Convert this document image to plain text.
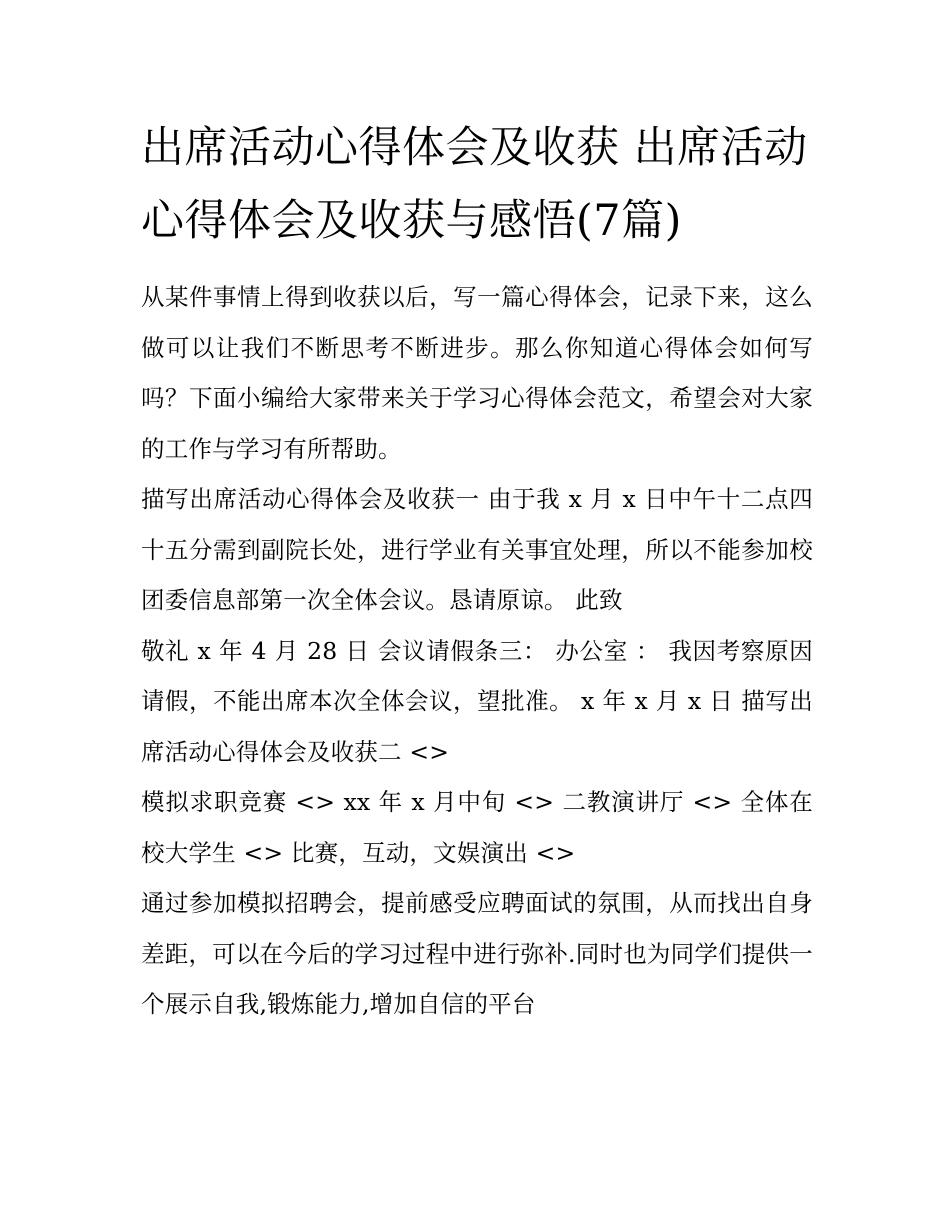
出席活动心得体会及收获 出席活动心得体会及收获与感悟(7篇)

从某件事情上得到收获以后，写一篇心得体会，记录下来，这么做可以让我们不断思考不断进步。那么你知道心得体会如何写吗？下面小编给大家带来关于学习心得体会范文，希望会对大家的工作与学习有所帮助。

描写出席活动心得体会及收获一 由于我 x 月 x 日中午十二点四十五分需到副院长处，进行学业有关事宜处理，所以不能参加校团委信息部第一次全体会议。恳请原谅。 此致

敬礼 x 年 4 月 28 日 会议请假条三： 办公室 ： 我因考察原因请假，不能出席本次全体会议，望批准。 x 年 x 月 x 日 描写出席活动心得体会及收获二 <>

模拟求职竞赛 <> xx 年 x 月中旬 <> 二教演讲厅 <> 全体在校大学生 <> 比赛，互动，文娱演出 <>

通过参加模拟招聘会，提前感受应聘面试的氛围，从而找出自身差距，可以在今后的学习过程中进行弥补.同时也为同学们提供一个展示自我,锻炼能力,增加自信的平台
